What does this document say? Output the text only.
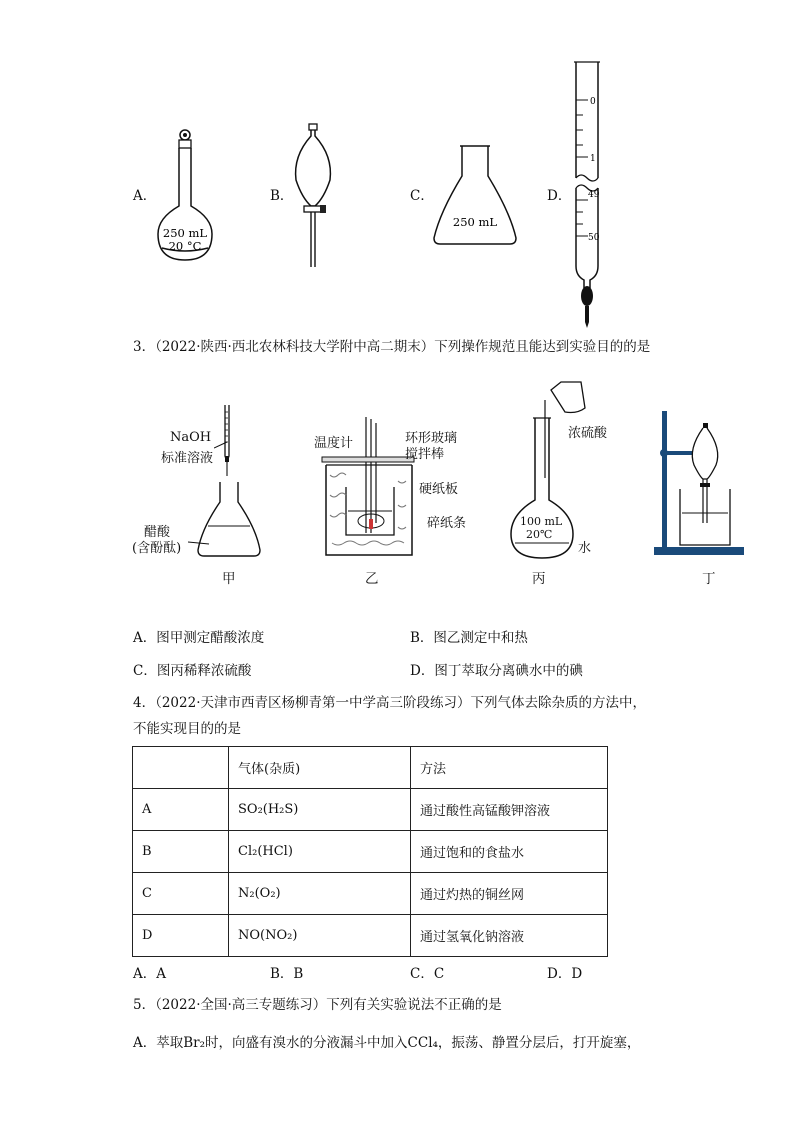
A．	B．	C．	D．
250 mL
20 °C
250 mL
0
1
49
50
3．（2022·陕西·西北农林科技大学附中高二期末）下列操作规范且能达到实验目的的是
NaOH
标准溶液
醋酸
(含酚酞)
温度计	环形玻璃
搅拌棒
硬纸板
碎纸条
浓硫酸
100 mL
20℃
水
甲	乙	丙	丁
A．图甲测定醋酸浓度	B．图乙测定中和热
C．图丙稀释浓硫酸	D．图丁萃取分离碘水中的碘
4．（2022·天津市西青区杨柳青第一中学高三阶段练习）下列气体去除杂质的方法中，
不能实现目的的是
	气体(杂质)	方法
A	SO₂(H₂S)	通过酸性高锰酸钾溶液
B	Cl₂(HCl)	通过饱和的食盐水
C	N₂(O₂)	通过灼热的铜丝网
D	NO(NO₂)	通过氢氧化钠溶液
A．A	B．B	C．C	D．D
5．（2022·全国·高三专题练习）下列有关实验说法不正确的是
A．萃取Br₂时，向盛有溴水的分液漏斗中加入CCl₄，振荡、静置分层后，打开旋塞，
